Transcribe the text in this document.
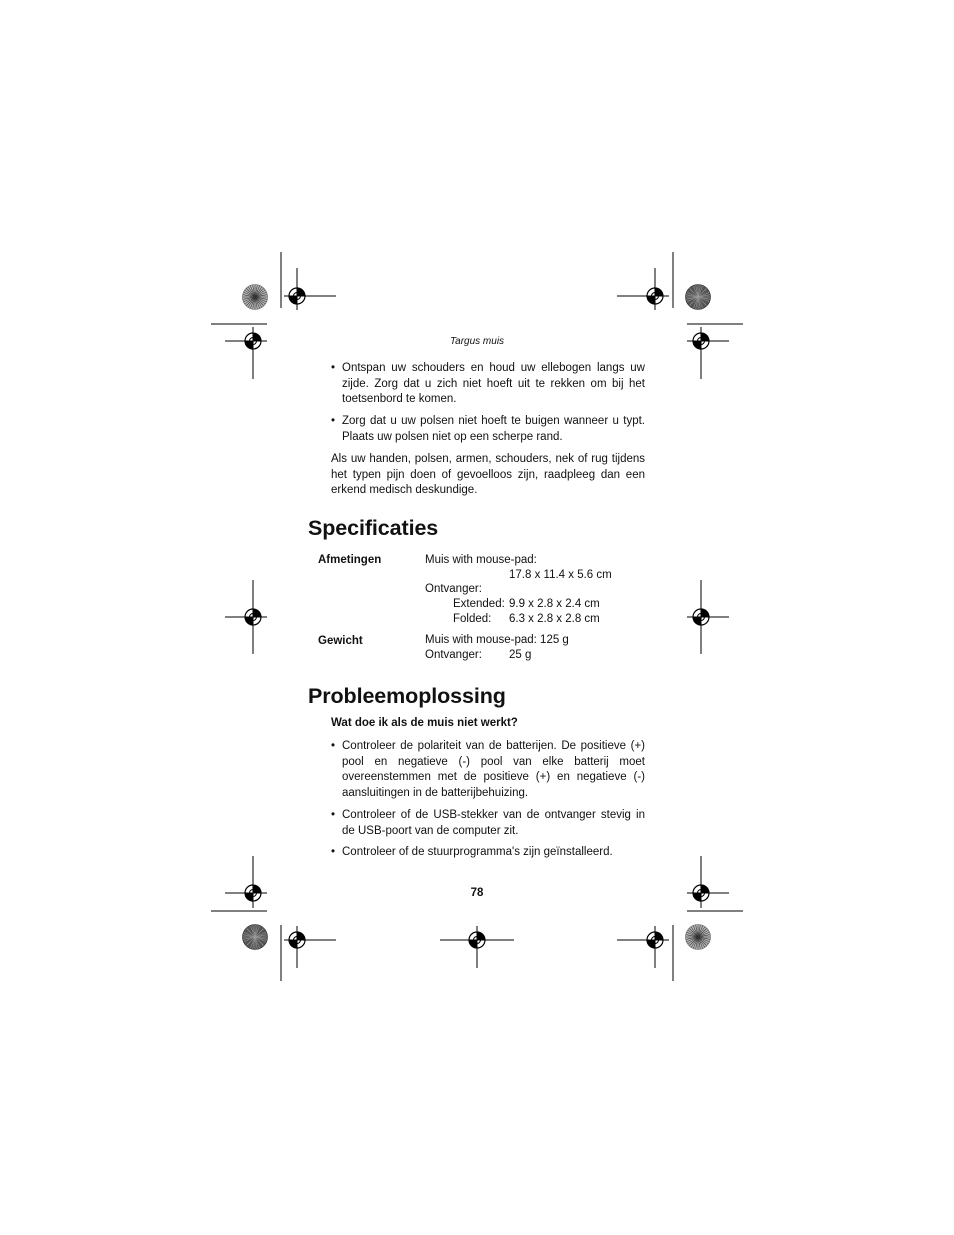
Targus muis
• Ontspan uw schouders en houd uw ellebogen langs uw zijde. Zorg dat u zich niet hoeft uit te rekken om bij het toetsenbord te komen.
• Zorg dat u uw polsen niet hoeft te buigen wanneer u typt. Plaats uw polsen niet op een scherpe rand.
Als uw handen, polsen, armen, schouders, nek of rug tijdens het typen pijn doen of gevoelloos zijn, raadpleeg dan een erkend medisch deskundige.
Specificaties
Afmetingen	Muis with mouse-pad:
17.8 x 11.4 x 5.6 cm
Ontvanger:
Extended: 9.9 x 2.8 x 2.4 cm
Folded: 6.3 x 2.8 x 2.8 cm
Gewicht	Muis with mouse-pad: 125 g
Ontvanger: 25 g
Probleemoplossing
Wat doe ik als de muis niet werkt?
• Controleer de polariteit van de batterijen. De positieve (+) pool en negatieve (-) pool van elke batterij moet overeenstemmen met de positieve (+) en negatieve (-) aansluitingen in de batterijbehuizing.
• Controleer of de USB-stekker van de ontvanger stevig in de USB-poort van de computer zit.
• Controleer of de stuurprogramma's zijn geïnstalleerd.
78
